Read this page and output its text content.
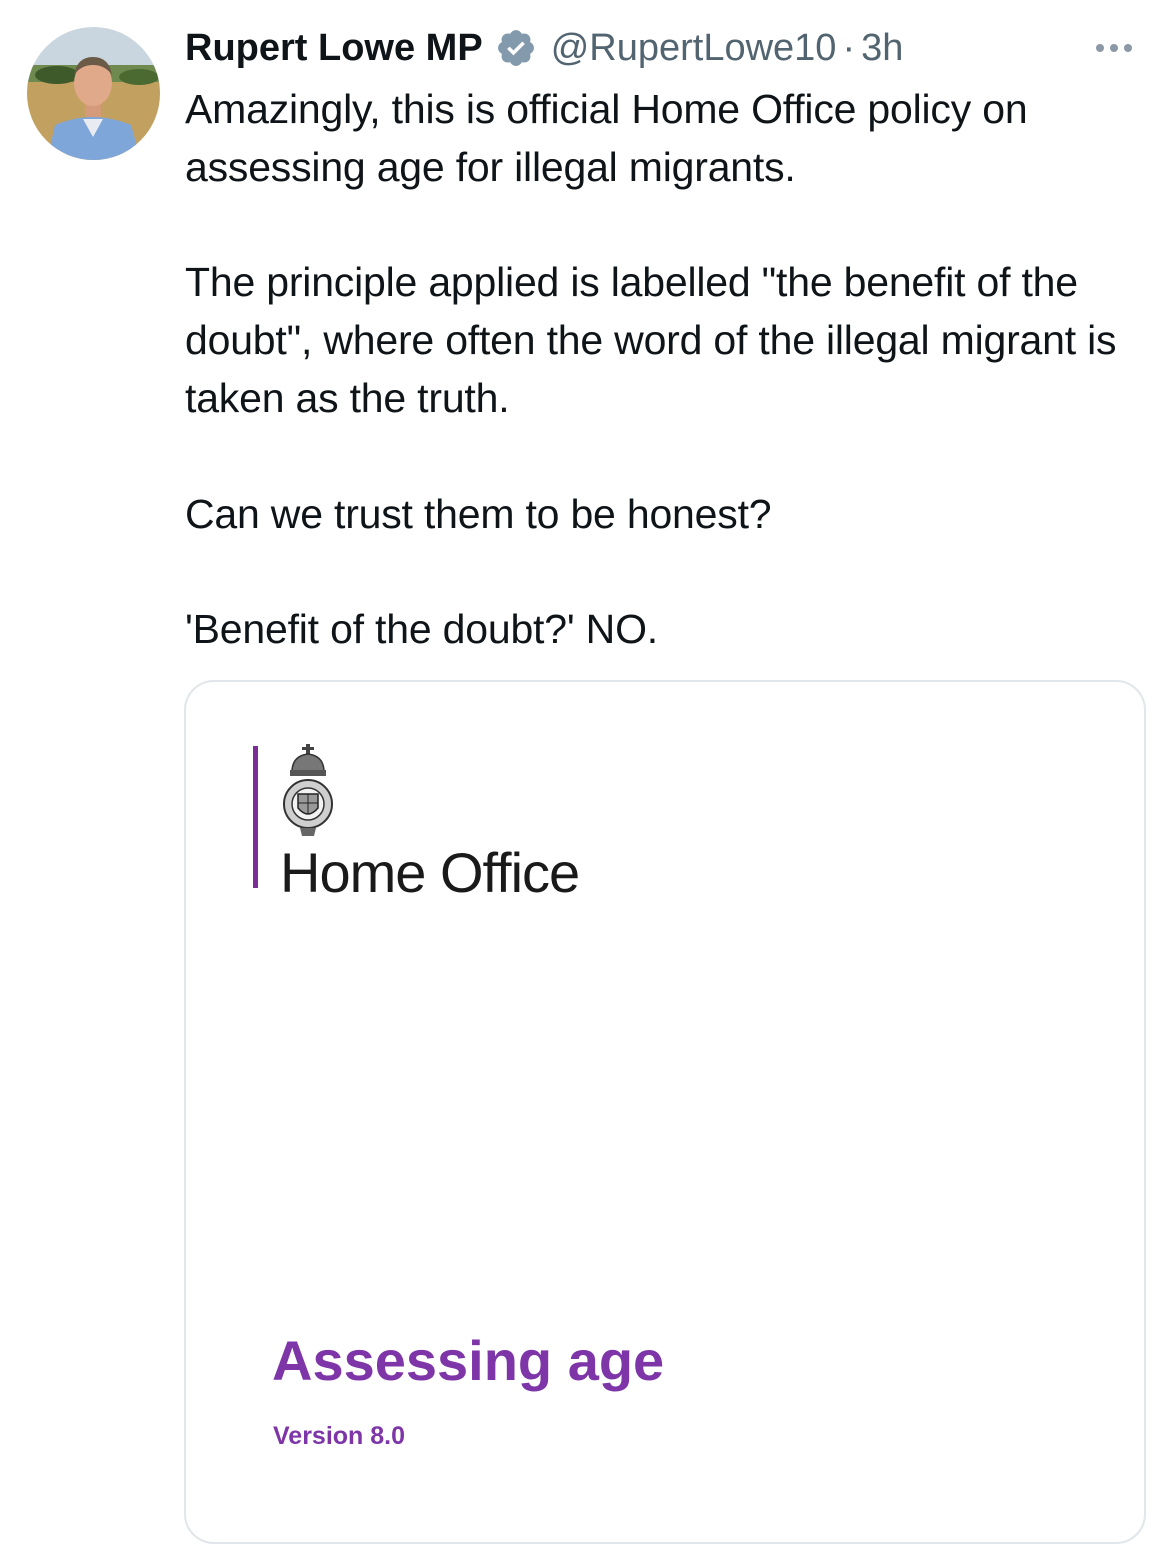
Rupert Lowe MP @RupertLowe10 · 3h

Amazingly, this is official Home Office policy on assessing age for illegal migrants.

The principle applied is labelled "the benefit of the doubt", where often the word of the illegal migrant is taken as the truth.

Can we trust them to be honest?

'Benefit of the doubt?' NO.

Home Office
Assessing age
Version 8.0
